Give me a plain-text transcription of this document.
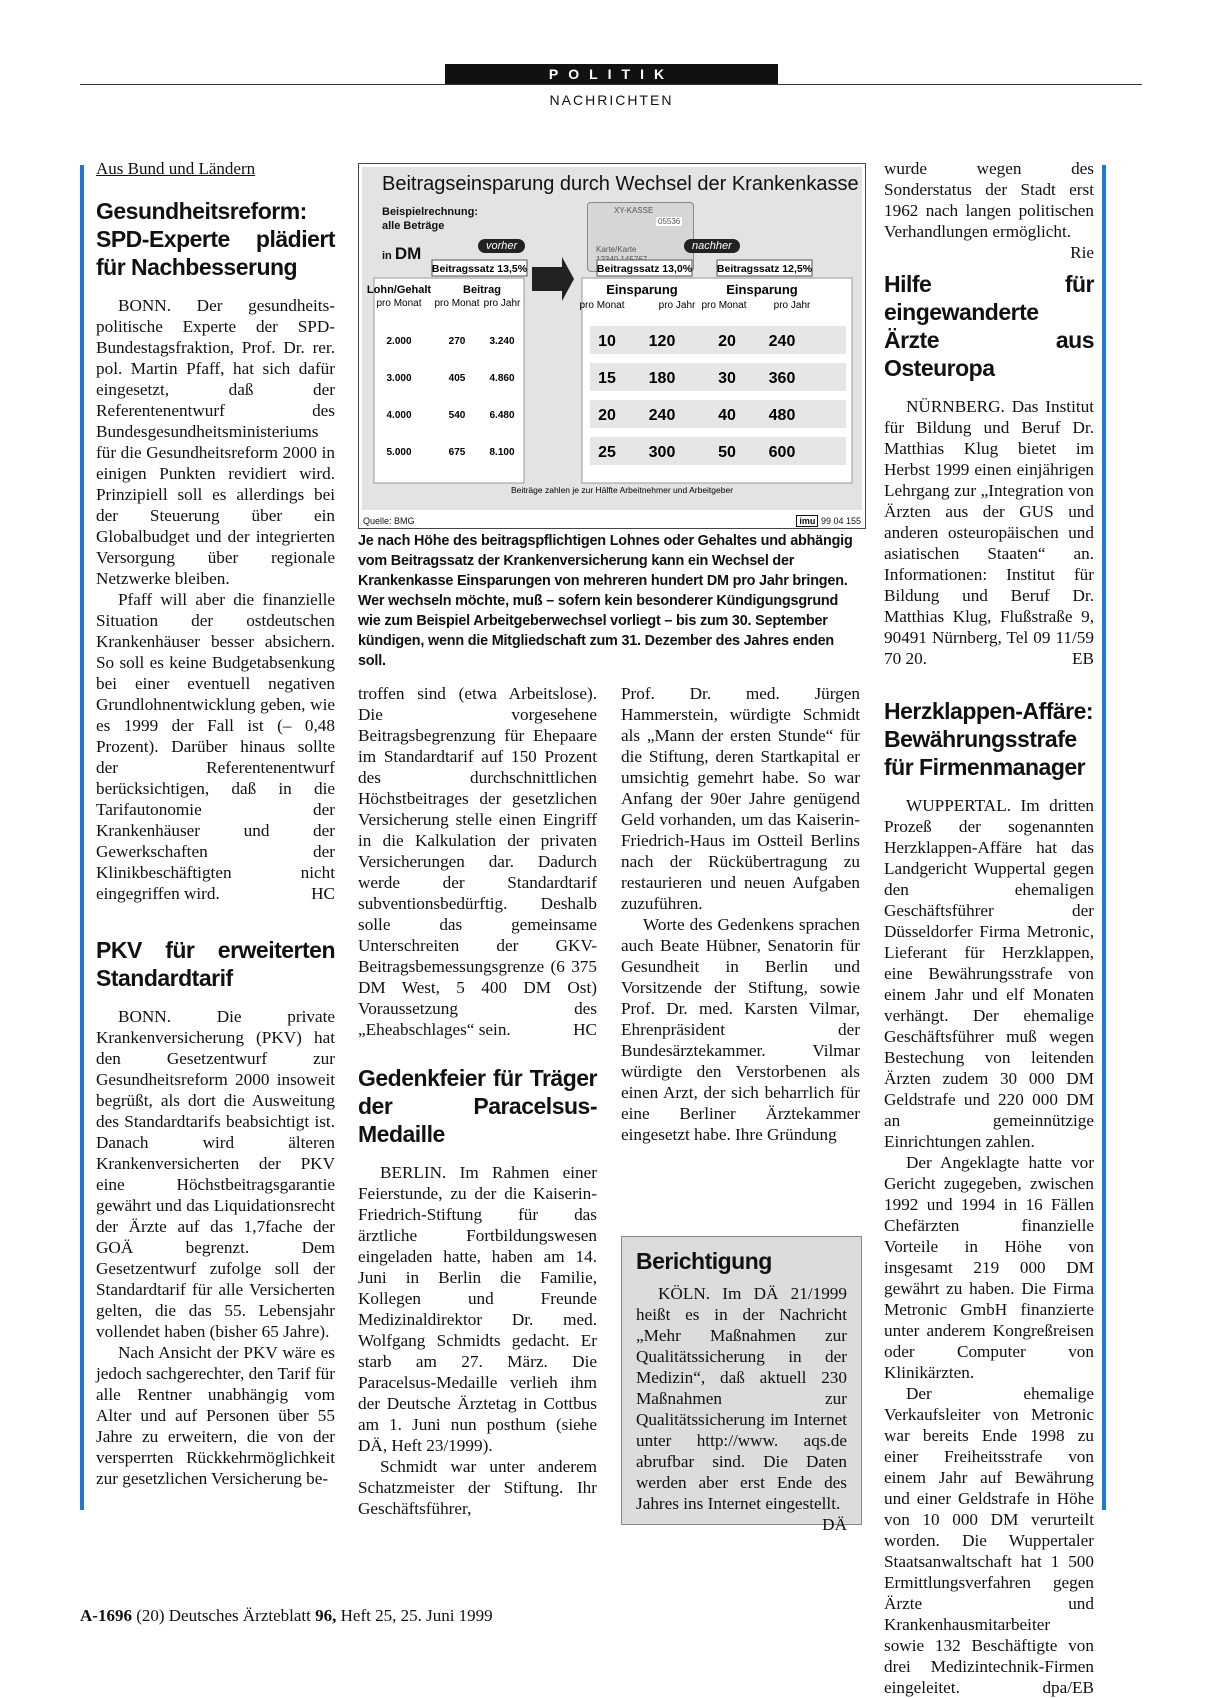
POLITIK
NACHRICHTEN
Aus Bund und Ländern
Gesundheitsreform: SPD-Experte plädiert für Nachbesserung

BONN. Der gesundheits-politische Experte der SPD-Bundestagsfraktion, Prof. Dr. rer. pol. Martin Pfaff, hat sich dafür eingesetzt, daß der Referentenentwurf des Bundesgesundheitsministeriums für die Gesundheitsreform 2000 in einigen Punkten revidiert wird. Prinzipiell soll es allerdings bei der Steuerung über ein Globalbudget und der integrierten Versorgung über regionale Netzwerke bleiben.

Pfaff will aber die finanzielle Situation der ostdeutschen Krankenhäuser besser absichern. So soll es keine Budgetabsenkung bei einer eventuell negativen Grundlohnentwicklung geben, wie es 1999 der Fall ist (– 0,48 Prozent). Darüber hinaus sollte der Referentenentwurf berücksichtigen, daß in die Tarifautonomie der Krankenhäuser und der Gewerkschaften der Klinikbeschäftigten nicht eingegriffen wird.	HC

PKV für erweiterten Standardtarif

BONN. Die private Krankenversicherung (PKV) hat den Gesetzentwurf zur Gesundheitsreform 2000 insoweit begrüßt, als dort die Ausweitung des Standardtarifs beabsichtigt ist. Danach wird älteren Krankenversicherten der PKV eine Höchstbeitragsgarantie gewährt und das Liquidationsrecht der Ärzte auf das 1,7fache der GOÄ begrenzt. Dem Gesetzentwurf zufolge soll der Standardtarif für alle Versicherten gelten, die das 55. Lebensjahr vollendet haben (bisher 65 Jahre).

Nach Ansicht der PKV wäre es jedoch sachgerechter, den Tarif für alle Rentner unabhängig vom Alter und auf Personen über 55 Jahre zu erweitern, die von der versperrten Rückkehrmöglichkeit zur gesetzlichen Versicherung be-

Beitragseinsparung durch Wechsel der Krankenkasse
Beispielrechnung:
alle Beträge
in DM
XY-KASSE
05536
Karte/Karte
vorher	nachher
Beitragssatz 13,5%	Beitragssatz 13,0% Beitragssatz 12,5%
Lohn/Gehalt
pro Monat
Beitrag
pro Monat pro Jahr
Einsparung
pro Monat	pro Jahr
Einsparung
pro Monat	pro Jahr
2.000	270 3.240	10 120	20 240
3.000	405 4.860	15 180	30 360
4.000	540 6.480	20 240	40 480
5.000	675 8.100	25 300	50 600
Beiträge zahlen je zur Hälfte Arbeitnehmer und Arbeitgeber
Quelle: BMG	imu 99 04 155
Je nach Höhe des beitragspflichtigen Lohnes oder Gehaltes und abhängig vom Beitragssatz der Krankenversicherung kann ein Wechsel der Krankenkasse Einsparungen von mehreren hundert DM pro Jahr bringen. Wer wechseln möchte, muß – sofern kein besonderer Kündigungsgrund wie zum Beispiel Arbeitgeberwechsel vorliegt – bis zum 30. September kündigen, wenn die Mitgliedschaft zum 31. Dezember des Jahres enden soll.

troffen sind (etwa Arbeitslose). Die vorgesehene Beitragsbegrenzung für Ehepaare im Standardtarif auf 150 Prozent des durchschnittlichen Höchstbeitrages der gesetzlichen Versicherung stelle einen Eingriff in die Kalkulation der privaten Versicherungen dar. Dadurch werde der Standardtarif subventionsbedürftig. Deshalb solle das gemeinsame Unterschreiten der GKV-Beitragsbemessungsgrenze (6 375 DM West, 5 400 DM Ost) Voraussetzung des „Eheabschlages“ sein.	HC

Gedenkfeier für Träger der Paracelsus-Medaille

BERLIN. Im Rahmen einer Feierstunde, zu der die Kaiserin-Friedrich-Stiftung für das ärztliche Fortbildungswesen eingeladen hatte, haben am 14. Juni in Berlin die Familie, Kollegen und Freunde Medizinaldirektor Dr. med. Wolfgang Schmidts gedacht. Er starb am 27. März. Die Paracelsus-Medaille verlieh ihm der Deutsche Ärztetag in Cottbus am 1. Juni nun posthum (siehe DÄ, Heft 23/1999).

Schmidt war unter anderem Schatzmeister der Stiftung. Ihr Geschäftsführer,

Prof. Dr. med. Jürgen Hammerstein, würdigte Schmidt als „Mann der ersten Stunde“ für die Stiftung, deren Startkapital er umsichtig gemehrt habe. So war Anfang der 90er Jahre genügend Geld vorhanden, um das Kaiserin-Friedrich-Haus im Ostteil Berlins nach der Rückübertragung zu restaurieren und neuen Aufgaben zuzuführen.

Worte des Gedenkens sprachen auch Beate Hübner, Senatorin für Gesundheit in Berlin und Vorsitzende der Stiftung, sowie Prof. Dr. med. Karsten Vilmar, Ehrenpräsident der Bundesärztekammer. Vilmar würdigte den Verstorbenen als einen Arzt, der sich beharrlich für eine Berliner Ärztekammer eingesetzt habe. Ihre Gründung

Berichtigung

KÖLN. Im DÄ 21/1999 heißt es in der Nachricht „Mehr Maßnahmen zur Qualitätssicherung in der Medizin“, daß aktuell 230 Maßnahmen zur Qualitätssicherung im Internet unter http://www. aqs.de abrufbar sind. Die Daten werden aber erst Ende des Jahres ins Internet eingestellt.
DÄ

wurde wegen des Sonderstatus der Stadt erst 1962 nach langen politischen Verhandlungen ermöglicht.
Rie

Hilfe für eingewanderte Ärzte aus Osteuropa

NÜRNBERG. Das Institut für Bildung und Beruf Dr. Matthias Klug bietet im Herbst 1999 einen einjährigen Lehrgang zur „Integration von Ärzten aus der GUS und anderen osteuropäischen und asiatischen Staaten“ an. Informationen: Institut für Bildung und Beruf Dr. Matthias Klug, Flußstraße 9, 90491 Nürnberg, Tel 09 11/59 70 20.	EB

Herzklappen-Affäre: Bewährungsstrafe für Firmenmanager

WUPPERTAL. Im dritten Prozeß der sogenannten Herzklappen-Affäre hat das Landgericht Wuppertal gegen den ehemaligen Geschäftsführer der Düsseldorfer Firma Metronic, Lieferant für Herzklappen, eine Bewährungsstrafe von einem Jahr und elf Monaten verhängt. Der ehemalige Geschäftsführer muß wegen Bestechung von leitenden Ärzten zudem 30 000 DM Geldstrafe und 220 000 DM an gemeinnützige Einrichtungen zahlen.

Der Angeklagte hatte vor Gericht zugegeben, zwischen 1992 und 1994 in 16 Fällen Chefärzten finanzielle Vorteile in Höhe von insgesamt 219 000 DM gewährt zu haben. Die Firma Metronic GmbH finanzierte unter anderem Kongreßreisen oder Computer von Klinikärzten.

Der ehemalige Verkaufsleiter von Metronic war bereits Ende 1998 zu einer Freiheitsstrafe von einem Jahr auf Bewährung und einer Geldstrafe in Höhe von 10 000 DM verurteilt worden. Die Wuppertaler Staatsanwaltschaft hat 1 500 Ermittlungsverfahren gegen Ärzte und Krankenhausmitarbeiter sowie 132 Beschäftigte von drei Medizintechnik-Firmen eingeleitet.	dpa/EB

A-1696 (20) Deutsches Ärzteblatt 96, Heft 25, 25. Juni 1999
